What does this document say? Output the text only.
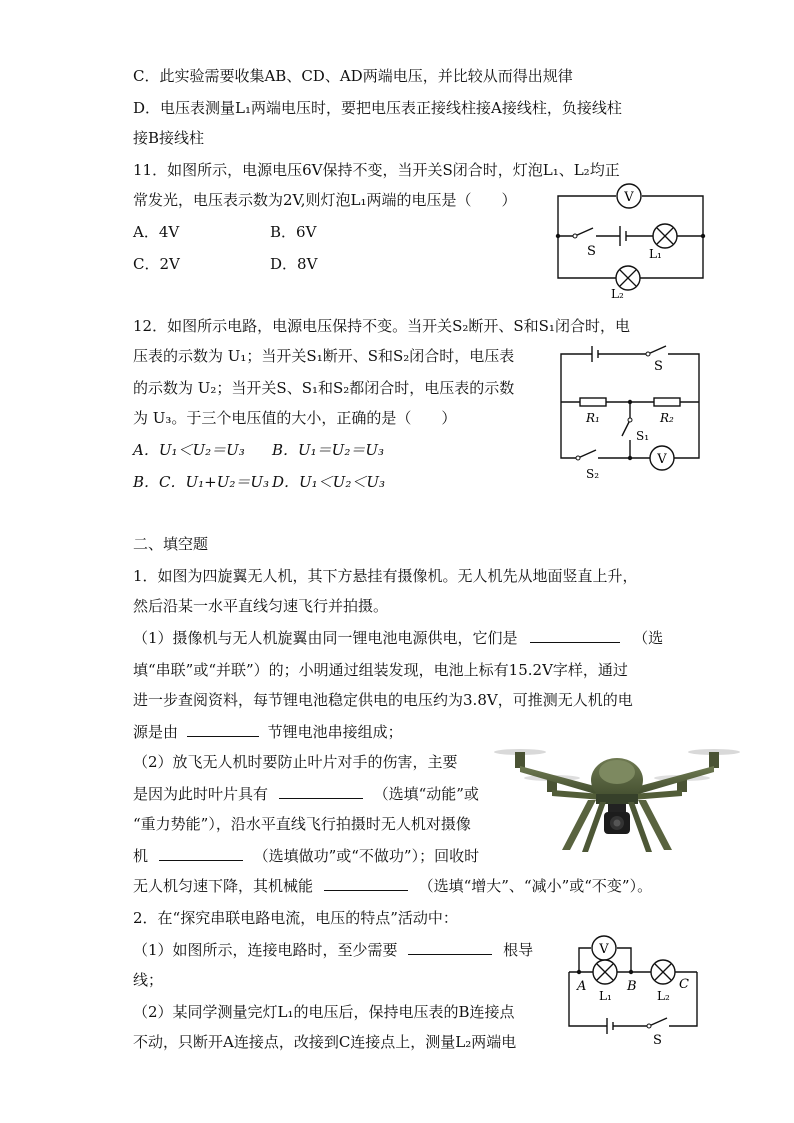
C．此实验需要收集AB、CD、AD两端电压，并比较从而得出规律
D．电压表测量L₁两端电压时，要把电压表正接线柱接A接线柱，负接线柱
接B接线柱
11．如图所示，电源电压6V保持不变，当开关S闭合时，灯泡L₁、L₂均正
常发光，电压表示数为2V,则灯泡L₁两端的电压是（　　）
A．4V	B．6V
C．2V	D．8V
V
S	L₁
L₂
12．如图所示电路，电源电压保持不变。当开关S₂断开、S和S₁闭合时，电
压表的示数为 U₁；当开关S₁断开、S和S₂闭合时，电压表
的示数为 U₂；当开关S、S₁和S₂都闭合时，电压表的示数
为 U₃。于三个电压值的大小，正确的是（　　）
A．U₁＜U₂＝U₃ B．U₁＝U₂＝U₃
B．C．U₁+U₂＝U₃ D．U₁＜U₂＜U₃
V
S
R₁	R₂
S₁
S₂
二、填空题
1．如图为四旋翼无人机，其下方悬挂有摄像机。无人机先从地面竖直上升，
然后沿某一水平直线匀速飞行并拍摄。
（1）摄像机与无人机旋翼由同一锂电池电源供电，它们是	（选
填“串联”或“并联”）的；小明通过组装发现，电池上标有15.2V字样，通过
进一步查阅资料，每节锂电池稳定供电的电压约为3.8V，可推测无人机的电
源是由	节锂电池串接组成；
（2）放飞无人机时要防止叶片对手的伤害，主要
是因为此时叶片具有	（选填“动能”或
“重力势能”），沿水平直线飞行拍摄时无人机对摄像
机	（选填做功”或“不做功”）；回收时
无人机匀速下降，其机械能	（选填“增大”、“减小”或“不变”）。
2．在“探究串联电路电流，电压的特点”活动中：
（1）如图所示，连接电路时，至少需要	根导
线；
（2）某同学测量完灯L₁的电压后，保持电压表的B连接点
不动，只断开A连接点，改接到C连接点上，测量L₂两端电
V
A	B	C
L₁	L₂
S
